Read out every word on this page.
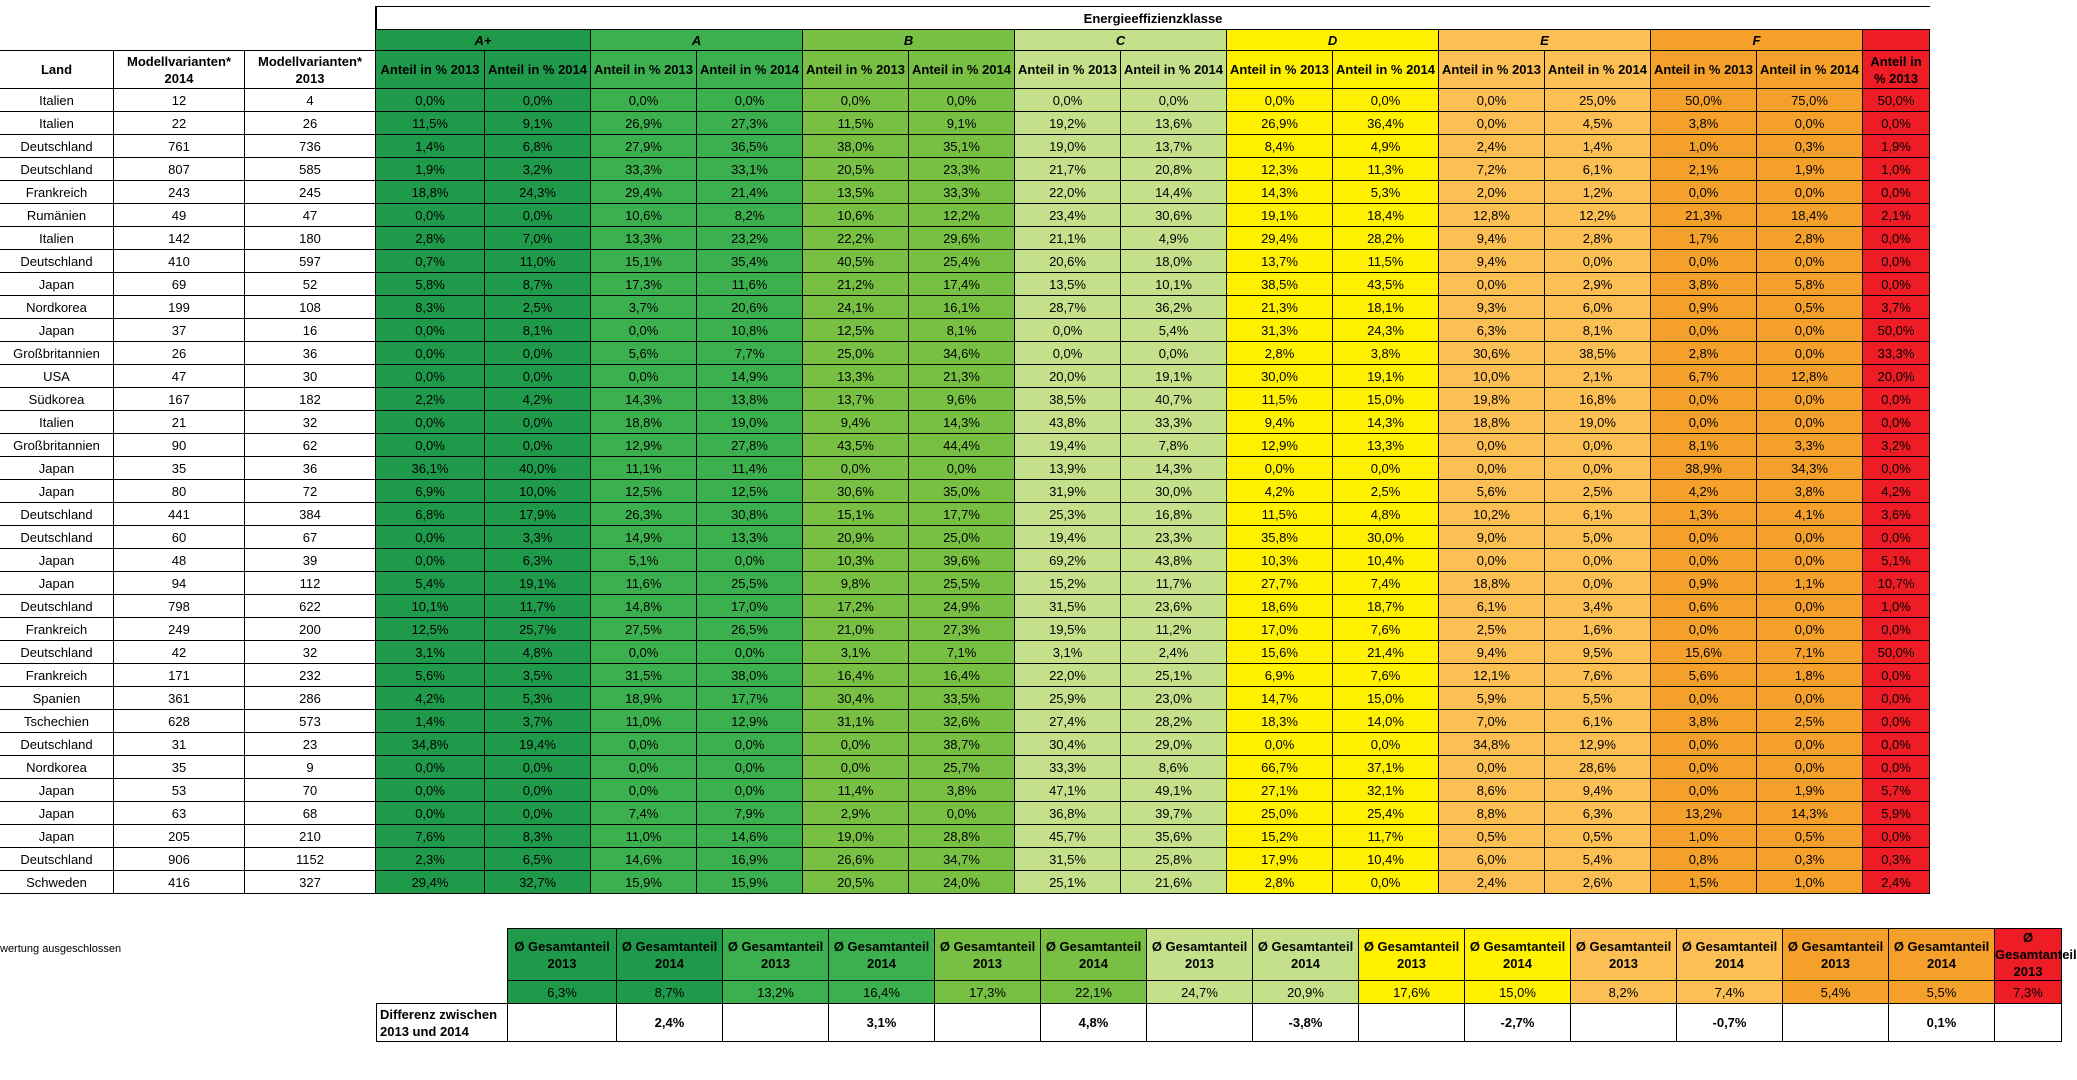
			Energieeffizienzklasse														
			A+		A		B		C		D		E		F		
Land	Modellvarianten* 2014	Modellvarianten* 2013	Anteil in % 2013	Anteil in % 2014	Anteil in % 2013	Anteil in % 2014	Anteil in % 2013	Anteil in % 2014	Anteil in % 2013	Anteil in % 2014	Anteil in % 2013	Anteil in % 2014	Anteil in % 2013	Anteil in % 2014	Anteil in % 2013	Anteil in % 2014	Anteil in % 2013
Italien	12	4	0,0%	0,0%	0,0%	0,0%	0,0%	0,0%	0,0%	0,0%	0,0%	0,0%	0,0%	25,0%	50,0%	75,0%	50,0%
Italien	22	26	11,5%	9,1%	26,9%	27,3%	11,5%	9,1%	19,2%	13,6%	26,9%	36,4%	0,0%	4,5%	3,8%	0,0%	0,0%
Deutschland	761	736	1,4%	6,8%	27,9%	36,5%	38,0%	35,1%	19,0%	13,7%	8,4%	4,9%	2,4%	1,4%	1,0%	0,3%	1,9%
Deutschland	807	585	1,9%	3,2%	33,3%	33,1%	20,5%	23,3%	21,7%	20,8%	12,3%	11,3%	7,2%	6,1%	2,1%	1,9%	1,0%
Frankreich	243	245	18,8%	24,3%	29,4%	21,4%	13,5%	33,3%	22,0%	14,4%	14,3%	5,3%	2,0%	1,2%	0,0%	0,0%	0,0%
Rumänien	49	47	0,0%	0,0%	10,6%	8,2%	10,6%	12,2%	23,4%	30,6%	19,1%	18,4%	12,8%	12,2%	21,3%	18,4%	2,1%
Italien	142	180	2,8%	7,0%	13,3%	23,2%	22,2%	29,6%	21,1%	4,9%	29,4%	28,2%	9,4%	2,8%	1,7%	2,8%	0,0%
Deutschland	410	597	0,7%	11,0%	15,1%	35,4%	40,5%	25,4%	20,6%	18,0%	13,7%	11,5%	9,4%	0,0%	0,0%	0,0%	0,0%
Japan	69	52	5,8%	8,7%	17,3%	11,6%	21,2%	17,4%	13,5%	10,1%	38,5%	43,5%	0,0%	2,9%	3,8%	5,8%	0,0%
Nordkorea	199	108	8,3%	2,5%	3,7%	20,6%	24,1%	16,1%	28,7%	36,2%	21,3%	18,1%	9,3%	6,0%	0,9%	0,5%	3,7%
Japan	37	16	0,0%	8,1%	0,0%	10,8%	12,5%	8,1%	0,0%	5,4%	31,3%	24,3%	6,3%	8,1%	0,0%	0,0%	50,0%
Großbritannien	26	36	0,0%	0,0%	5,6%	7,7%	25,0%	34,6%	0,0%	0,0%	2,8%	3,8%	30,6%	38,5%	2,8%	0,0%	33,3%
USA	47	30	0,0%	0,0%	0,0%	14,9%	13,3%	21,3%	20,0%	19,1%	30,0%	19,1%	10,0%	2,1%	6,7%	12,8%	20,0%
Südkorea	167	182	2,2%	4,2%	14,3%	13,8%	13,7%	9,6%	38,5%	40,7%	11,5%	15,0%	19,8%	16,8%	0,0%	0,0%	0,0%
Italien	21	32	0,0%	0,0%	18,8%	19,0%	9,4%	14,3%	43,8%	33,3%	9,4%	14,3%	18,8%	19,0%	0,0%	0,0%	0,0%
Großbritannien	90	62	0,0%	0,0%	12,9%	27,8%	43,5%	44,4%	19,4%	7,8%	12,9%	13,3%	0,0%	0,0%	8,1%	3,3%	3,2%
Japan	35	36	36,1%	40,0%	11,1%	11,4%	0,0%	0,0%	13,9%	14,3%	0,0%	0,0%	0,0%	0,0%	38,9%	34,3%	0,0%
Japan	80	72	6,9%	10,0%	12,5%	12,5%	30,6%	35,0%	31,9%	30,0%	4,2%	2,5%	5,6%	2,5%	4,2%	3,8%	4,2%
Deutschland	441	384	6,8%	17,9%	26,3%	30,8%	15,1%	17,7%	25,3%	16,8%	11,5%	4,8%	10,2%	6,1%	1,3%	4,1%	3,6%
Deutschland	60	67	0,0%	3,3%	14,9%	13,3%	20,9%	25,0%	19,4%	23,3%	35,8%	30,0%	9,0%	5,0%	0,0%	0,0%	0,0%
Japan	48	39	0,0%	6,3%	5,1%	0,0%	10,3%	39,6%	69,2%	43,8%	10,3%	10,4%	0,0%	0,0%	0,0%	0,0%	5,1%
Japan	94	112	5,4%	19,1%	11,6%	25,5%	9,8%	25,5%	15,2%	11,7%	27,7%	7,4%	18,8%	0,0%	0,9%	1,1%	10,7%
Deutschland	798	622	10,1%	11,7%	14,8%	17,0%	17,2%	24,9%	31,5%	23,6%	18,6%	18,7%	6,1%	3,4%	0,6%	0,0%	1,0%
Frankreich	249	200	12,5%	25,7%	27,5%	26,5%	21,0%	27,3%	19,5%	11,2%	17,0%	7,6%	2,5%	1,6%	0,0%	0,0%	0,0%
Deutschland	42	32	3,1%	4,8%	0,0%	0,0%	3,1%	7,1%	3,1%	2,4%	15,6%	21,4%	9,4%	9,5%	15,6%	7,1%	50,0%
Frankreich	171	232	5,6%	3,5%	31,5%	38,0%	16,4%	16,4%	22,0%	25,1%	6,9%	7,6%	12,1%	7,6%	5,6%	1,8%	0,0%
Spanien	361	286	4,2%	5,3%	18,9%	17,7%	30,4%	33,5%	25,9%	23,0%	14,7%	15,0%	5,9%	5,5%	0,0%	0,0%	0,0%
Tschechien	628	573	1,4%	3,7%	11,0%	12,9%	31,1%	32,6%	27,4%	28,2%	18,3%	14,0%	7,0%	6,1%	3,8%	2,5%	0,0%
Deutschland	31	23	34,8%	19,4%	0,0%	0,0%	0,0%	38,7%	30,4%	29,0%	0,0%	0,0%	34,8%	12,9%	0,0%	0,0%	0,0%
Nordkorea	35	9	0,0%	0,0%	0,0%	0,0%	0,0%	25,7%	33,3%	8,6%	66,7%	37,1%	0,0%	28,6%	0,0%	0,0%	0,0%
Japan	53	70	0,0%	0,0%	0,0%	0,0%	11,4%	3,8%	47,1%	49,1%	27,1%	32,1%	8,6%	9,4%	0,0%	1,9%	5,7%
Japan	63	68	0,0%	0,0%	7,4%	7,9%	2,9%	0,0%	36,8%	39,7%	25,0%	25,4%	8,8%	6,3%	13,2%	14,3%	5,9%
Japan	205	210	7,6%	8,3%	11,0%	14,6%	19,0%	28,8%	45,7%	35,6%	15,2%	11,7%	0,5%	0,5%	1,0%	0,5%	0,0%
Deutschland	906	1152	2,3%	6,5%	14,6%	16,9%	26,6%	34,7%	31,5%	25,8%	17,9%	10,4%	6,0%	5,4%	0,8%	0,3%	0,3%
Schweden	416	327	29,4%	32,7%	15,9%	15,9%	20,5%	24,0%	25,1%	21,6%	2,8%	0,0%	2,4%	2,6%	1,5%	1,0%	2,4%
wertung ausgeschlossen
		Ø Gesamtanteil 2013	Ø Gesamtanteil 2014	Ø Gesamtanteil 2013	Ø Gesamtanteil 2014	Ø Gesamtanteil 2013	Ø Gesamtanteil 2014	Ø Gesamtanteil 2013	Ø Gesamtanteil 2014	Ø Gesamtanteil 2013	Ø Gesamtanteil 2014	Ø Gesamtanteil 2013	Ø Gesamtanteil 2014	Ø Gesamtanteil 2013	Ø Gesamtanteil 2014	Ø Gesamtanteil 2013
	6,3%	8,7%	13,2%	16,4%	17,3%	22,1%	24,7%	20,9%	17,6%	15,0%	8,2%	7,4%	5,4%	5,5%	7,3%
Differenz zwischen 2013 und 2014		2,4%		3,1%		4,8%		-3,8%		-2,7%		-0,7%		0,1%	
